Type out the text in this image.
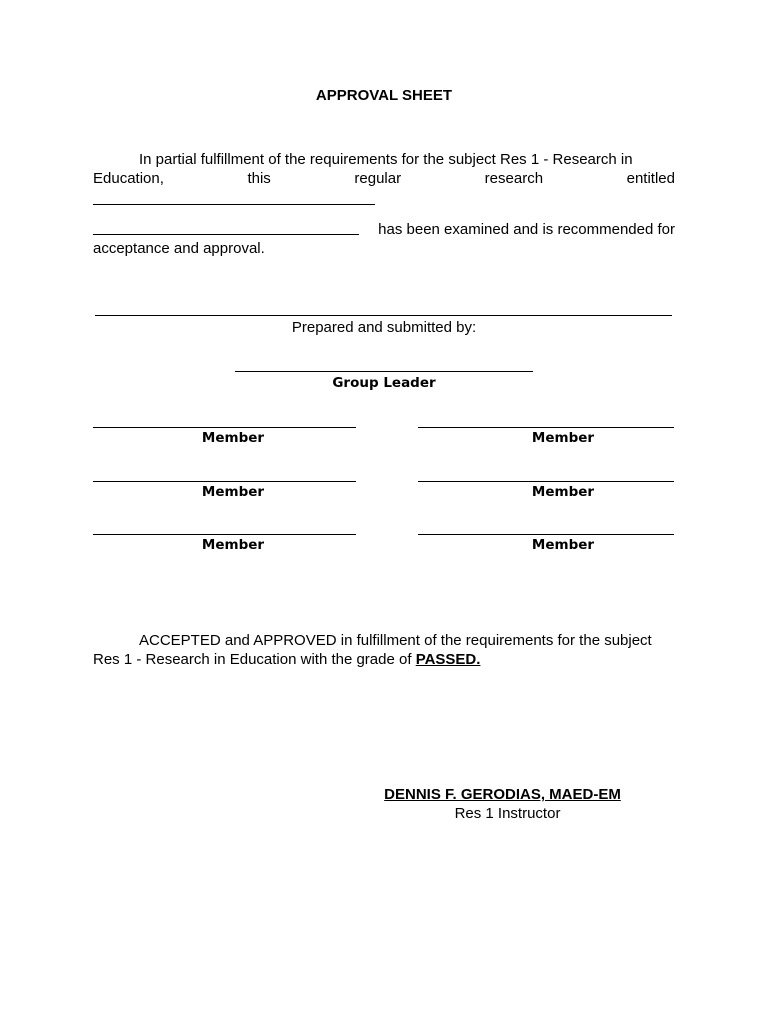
APPROVAL SHEET
In partial fulfillment of the requirements for the subject Res 1 - Research in
Education,	this	regular	research	entitled
has been examined and is recommended for
acceptance and approval.
Prepared and submitted by:
Group Leader
Member	Member
Member	Member
Member	Member
ACCEPTED and APPROVED in fulfillment of the requirements for the subject
Res 1 - Research in Education with the grade of PASSED.
DENNIS F. GERODIAS, MAED-EM
Res 1 Instructor
